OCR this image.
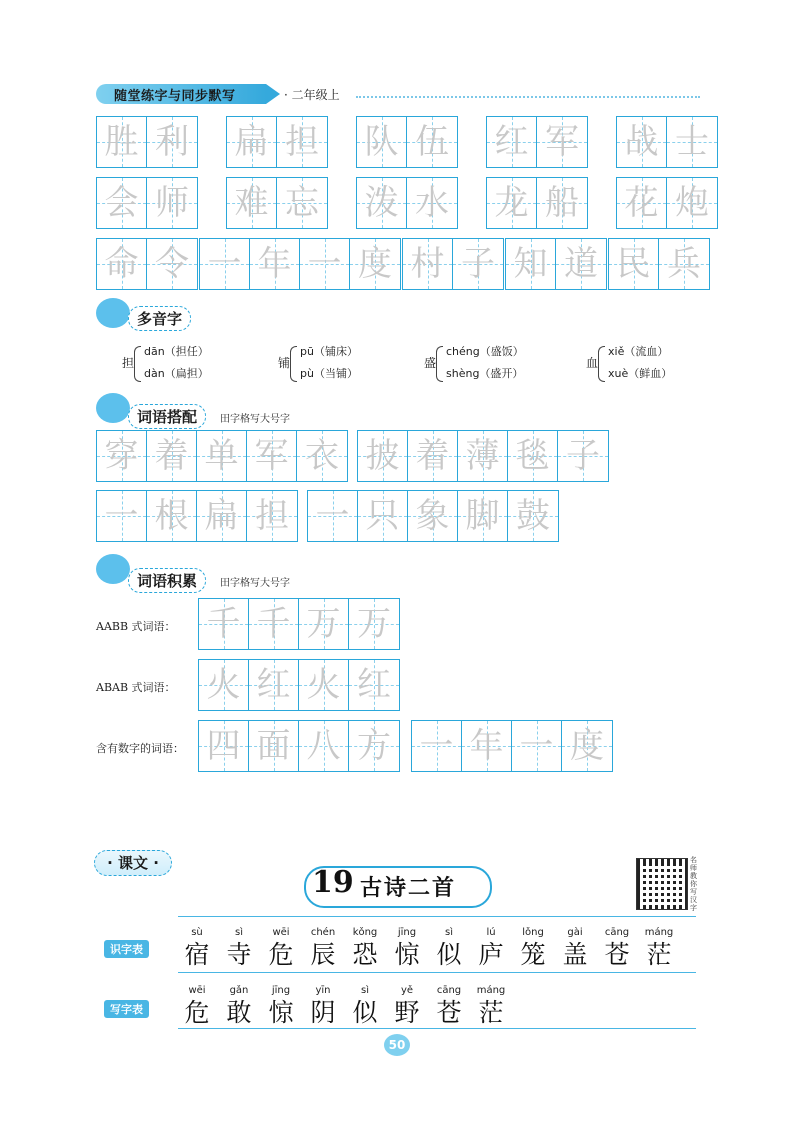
随堂练字与同步默写	· 二年级上
胜 利 扁 担 队 伍 红 军 战 士
会 师 难 忘 泼 水 龙 船 花 炮
命 令 一 年 一 度 村 子 知 道 民 兵
多音字
担
dān（担任）
dàn（扁担）
铺
pū（铺床）
pù（当铺）
盛
chéng（盛饭）
shèng（盛开）
血
xiě（流血）
xuè（鲜血）
词语搭配	田字格写大号字
穿 着 单 军 衣 披 着 薄 毯 子
一 根 扁 担 一 只 象 脚 鼓
词语积累	田字格写大号字
AABB 式词语： 千 千 万 万
ABAB 式词语： 火 红 火 红
含有数字的词语： 四 面 八 方 一 年 一 度
· 课文 ·
19 古诗二首
名师教你写汉字
识字表
sù
宿
sì
寺
wēi
危
chén
辰
kǒng
恐
jīng
惊
sì
似
lú
庐
lǒng
笼
gài
盖
cāng
苍
máng
茫
写字表
wēi
危
gǎn
敢
jīng
惊
yīn
阴
sì
似
yě
野
cāng
苍
máng
茫
50
